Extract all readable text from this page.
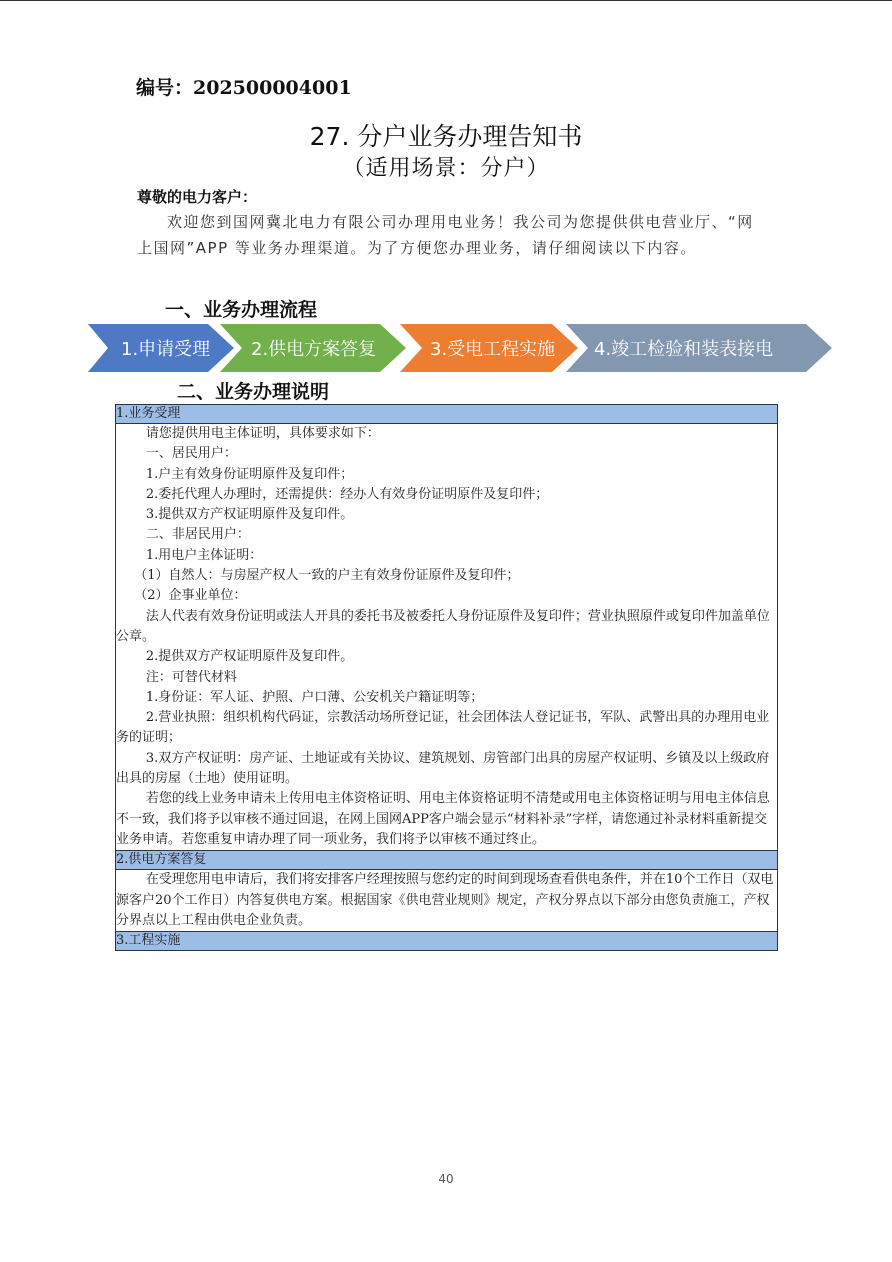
编号：202500004001
27. 分户业务办理告知书
（适用场景：分户）
尊敬的电力客户：
欢迎您到国网冀北电力有限公司办理用电业务！我公司为您提供供电营业厅、“网上国网”APP 等业务办理渠道。为了方便您办理业务，请仔细阅读以下内容。
一、业务办理流程
1.申请受理 2.供电方案答复	3.受电工程实施 4.竣工检验和装表接电
二、业务办理说明
1.业务受理

请您提供用电主体证明，具体要求如下：
一、居民用户：
1.户主有效身份证明原件及复印件；
2.委托代理人办理时，还需提供：经办人有效身份证明原件及复印件；
3.提供双方产权证明原件及复印件。
二、非居民用户：
1.用电户主体证明：
（1）自然人：与房屋产权人一致的户主有效身份证原件及复印件；
（2）企事业单位：
法人代表有效身份证明或法人开具的委托书及被委托人身份证原件及复印件；营业执照原件或复印件加盖单位公章。
2.提供双方产权证明原件及复印件。
注：可替代材料
1.身份证：军人证、护照、户口薄、公安机关户籍证明等；
2.营业执照：组织机构代码证，宗教活动场所登记证，社会团体法人登记证书，军队、武警出具的办理用电业务的证明；
3.双方产权证明：房产证、土地证或有关协议、建筑规划、房管部门出具的房屋产权证明、乡镇及以上级政府出具的房屋（土地）使用证明。
若您的线上业务申请未上传用电主体资格证明、用电主体资格证明不清楚或用电主体资格证明与用电主体信息不一致，我们将予以审核不通过回退，在网上国网APP客户端会显示“材料补录”字样，请您通过补录材料重新提交业务申请。若您重复申请办理了同一项业务，我们将予以审核不通过终止。

2.供电方案答复

在受理您用电申请后，我们将安排客户经理按照与您约定的时间到现场查看供电条件，并在10个工作日（双电源客户20个工作日）内答复供电方案。根据国家《供电营业规则》规定，产权分界点以下部分由您负责施工，产权分界点以上工程由供电企业负责。

3.工程实施
40
